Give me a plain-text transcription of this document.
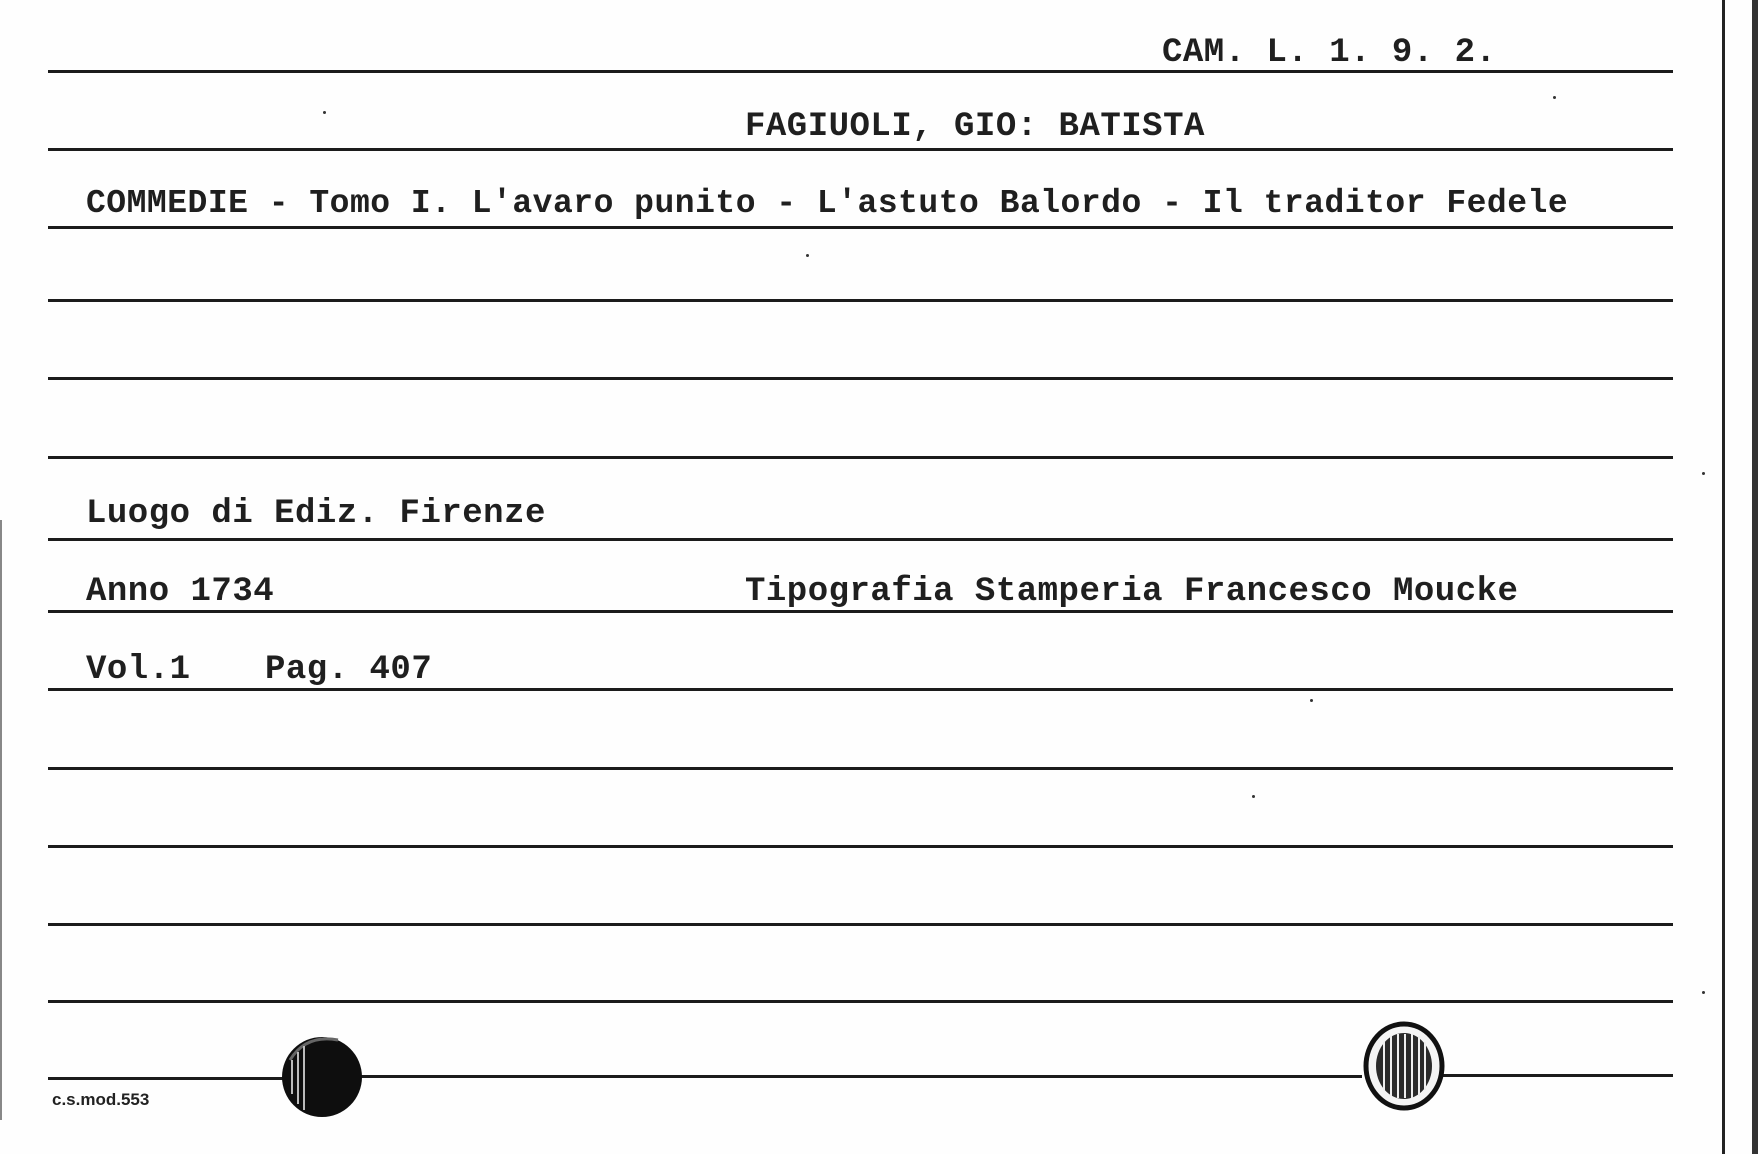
CAM. L. 1. 9. 2.
FAGIUOLI, GIO: BATISTA
COMMEDIE - Tomo I. L'avaro punito - L'astuto Balordo - Il traditor Fedele
Luogo di Ediz. Firenze
Anno 1734	Tipografia Stamperia Francesco Moucke
Vol.1 Pag. 407
c.s.mod.553
